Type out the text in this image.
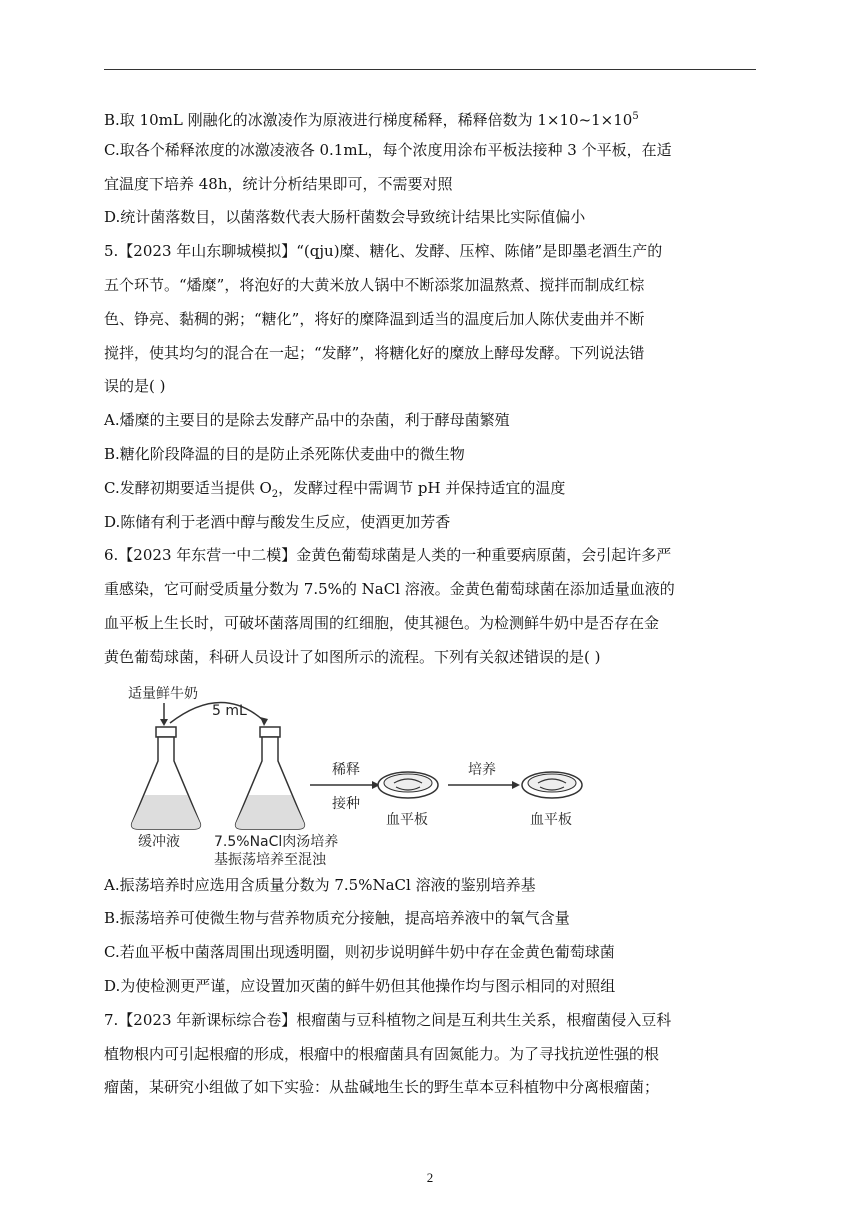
B.取 10mL 刚融化的冰激凌作为原液进行梯度稀释，稀释倍数为 $1\times 10\sim 1\times 10^5$
C.取各个稀释浓度的冰激凌液各 0.1mL，每个浓度用涂布平板法接种 3 个平板，在适
宜温度下培养 48h，统计分析结果即可，不需要对照
D.统计菌落数目，以菌落数代表大肠杆菌数会导致统计结果比实际值偏小
5.【2023 年山东聊城模拟】“(qju)糜、糖化、发酵、压榨、陈储”是即墨老酒生产的
五个环节。“燔糜”，将泡好的大黄米放人锅中不断添浆加温熬煮、搅拌而制成红棕
色、铮亮、黏稠的粥；“糖化”，将好的糜降温到适当的温度后加人陈伏麦曲并不断
搅拌，使其均匀的混合在一起；“发酵”，将糖化好的糜放上酵母发酵。下列说法错
误的是( )
A.燔糜的主要目的是除去发酵产品中的杂菌，利于酵母菌繁殖
B.糖化阶段降温的目的是防止杀死陈伏麦曲中的微生物
C.发酵初期要适当提供 $O_2$，发酵过程中需调节 pH 并保持适宜的温度
D.陈储有利于老酒中醇与酸发生反应，使酒更加芳香
6.【2023 年东营一中二模】金黄色葡萄球菌是人类的一种重要病原菌，会引起许多严
重感染，它可耐受质量分数为 7.5%的 NaCl 溶液。金黄色葡萄球菌在添加适量血液的
血平板上生长时，可破坏菌落周围的红细胞，使其褪色。为检测鲜牛奶中是否存在金
黄色葡萄球菌，科研人员设计了如图所示的流程。下列有关叙述错误的是( )
适量鲜牛奶
5 mL
稀释
接种
培养
血平板	血平板
缓冲液 7.5%NaCl肉汤培养
基振荡培养至混浊
A.振荡培养时应选用含质量分数为 7.5%NaCl 溶液的鉴别培养基
B.振荡培养可使微生物与营养物质充分接触，提高培养液中的氧气含量
C.若血平板中菌落周围出现透明圈，则初步说明鲜牛奶中存在金黄色葡萄球菌
D.为使检测更严谨，应设置加灭菌的鲜牛奶但其他操作均与图示相同的对照组
7.【2023 年新课标综合卷】根瘤菌与豆科植物之间是互利共生关系，根瘤菌侵入豆科
植物根内可引起根瘤的形成，根瘤中的根瘤菌具有固氮能力。为了寻找抗逆性强的根
瘤菌，某研究小组做了如下实验：从盐碱地生长的野生草本豆科植物中分离根瘤菌；
2
